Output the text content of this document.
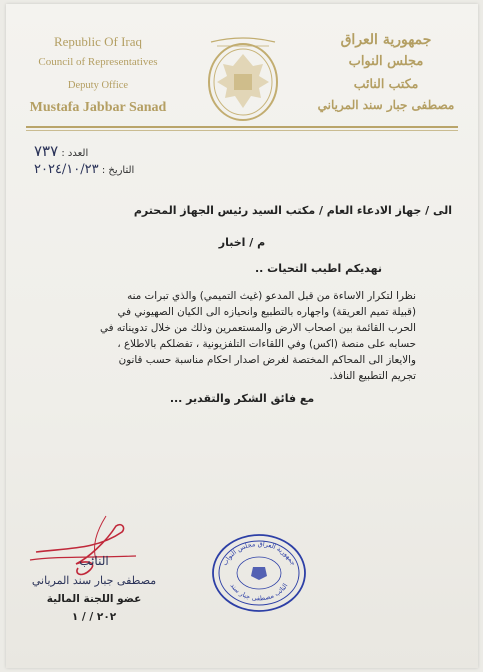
Republic Of Iraq
Council of Representatives
Deputy Office
Mustafa Jabbar Sanad
جمهورية العراق
مجلس النواب
مكتب النائب
مصطفى جبار سند المرياني
العدد : ٧٣٧
التاريخ : ٢٠٢٤/١٠/٢٣
الى / جهاز الادعاء العام / مكتب السيد رئيس الجهاز المحترم
م / اخبار
نهديكم اطيب التحيات ..
نظرا لتكرار الاساءة من قبل المدعو (غيث التميمي) والذي تبرات منه
(قبيلة تميم العريقة) واجهاره بالتطبيع وانحيازه الى الكيان الصهيوني في
الحرب القائمة بين اصحاب الارض والمستعمرين وذلك من خلال تدويناته في
حسابه على منصة (اكس) وفي اللقاءات التلفزيونية ، تفضلكم بالاطلاع ،
والايعاز الى المحاكم المختصة لغرض اصدار احكام مناسبة حسب قانون
تجريم التطبيع النافذ.
مع فائق الشكر والتقدير ...
النائب
مصطفى جبار سند المرياني
عضو اللجنة المالية
٢٠٢ / / ١
جمهورية العراق مجلس النواب
النائب مصطفى جبار سند
